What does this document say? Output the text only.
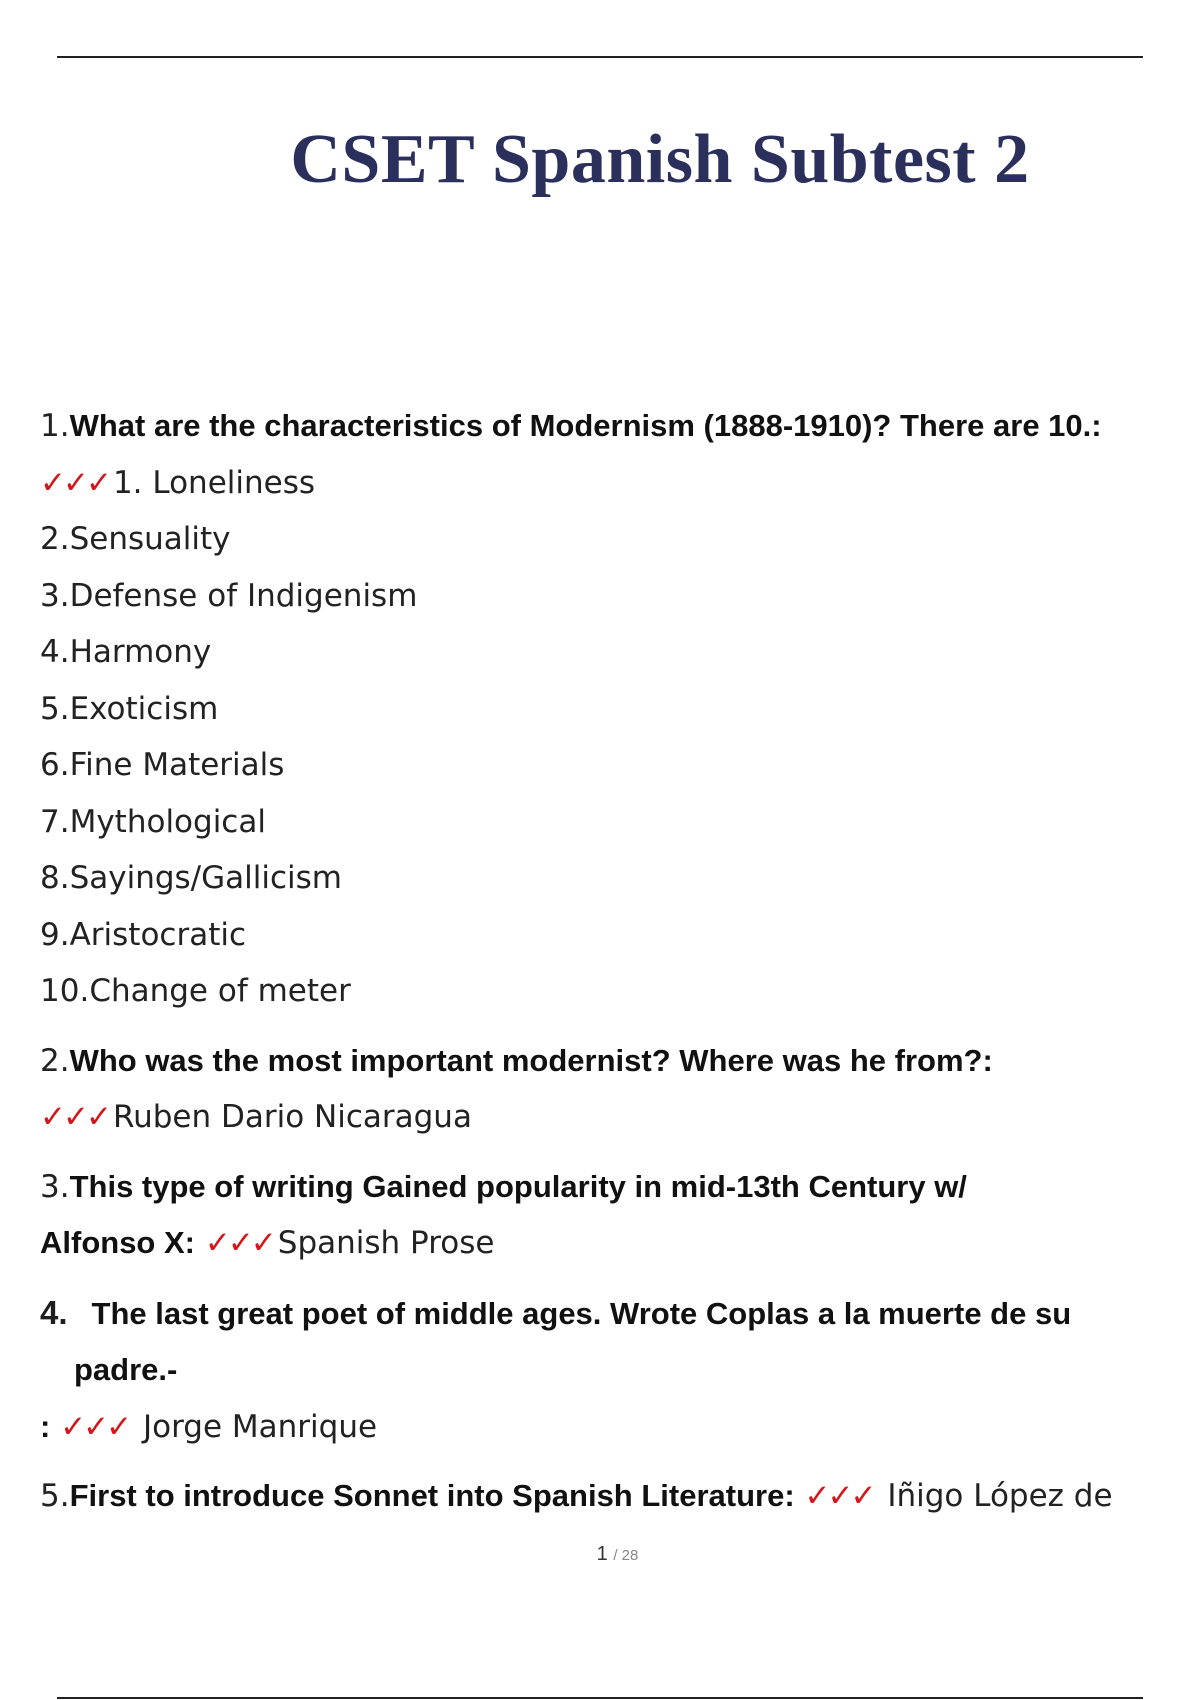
CSET Spanish Subtest 2
1.What are the characteristics of Modernism (1888-1910)? There are 10.:
✓✓✓ 1. Loneliness
2.Sensuality
3.Defense of Indigenism
4.Harmony
5.Exoticism
6.Fine Materials
7.Mythological
8.Sayings/Gallicism
9.Aristocratic
10.Change of meter
2.Who was the most important modernist? Where was he from?:
✓✓✓ Ruben Dario Nicaragua
3.This type of writing Gained popularity in mid-13th Century w/
Alfonso X: ✓✓✓ Spanish Prose
4. The last great poet of middle ages. Wrote Coplas a la muerte de su
padre.-
: ✓✓✓ Jorge Manrique
5.First to introduce Sonnet into Spanish Literature: ✓✓✓ Iñigo López de
1 / 28
